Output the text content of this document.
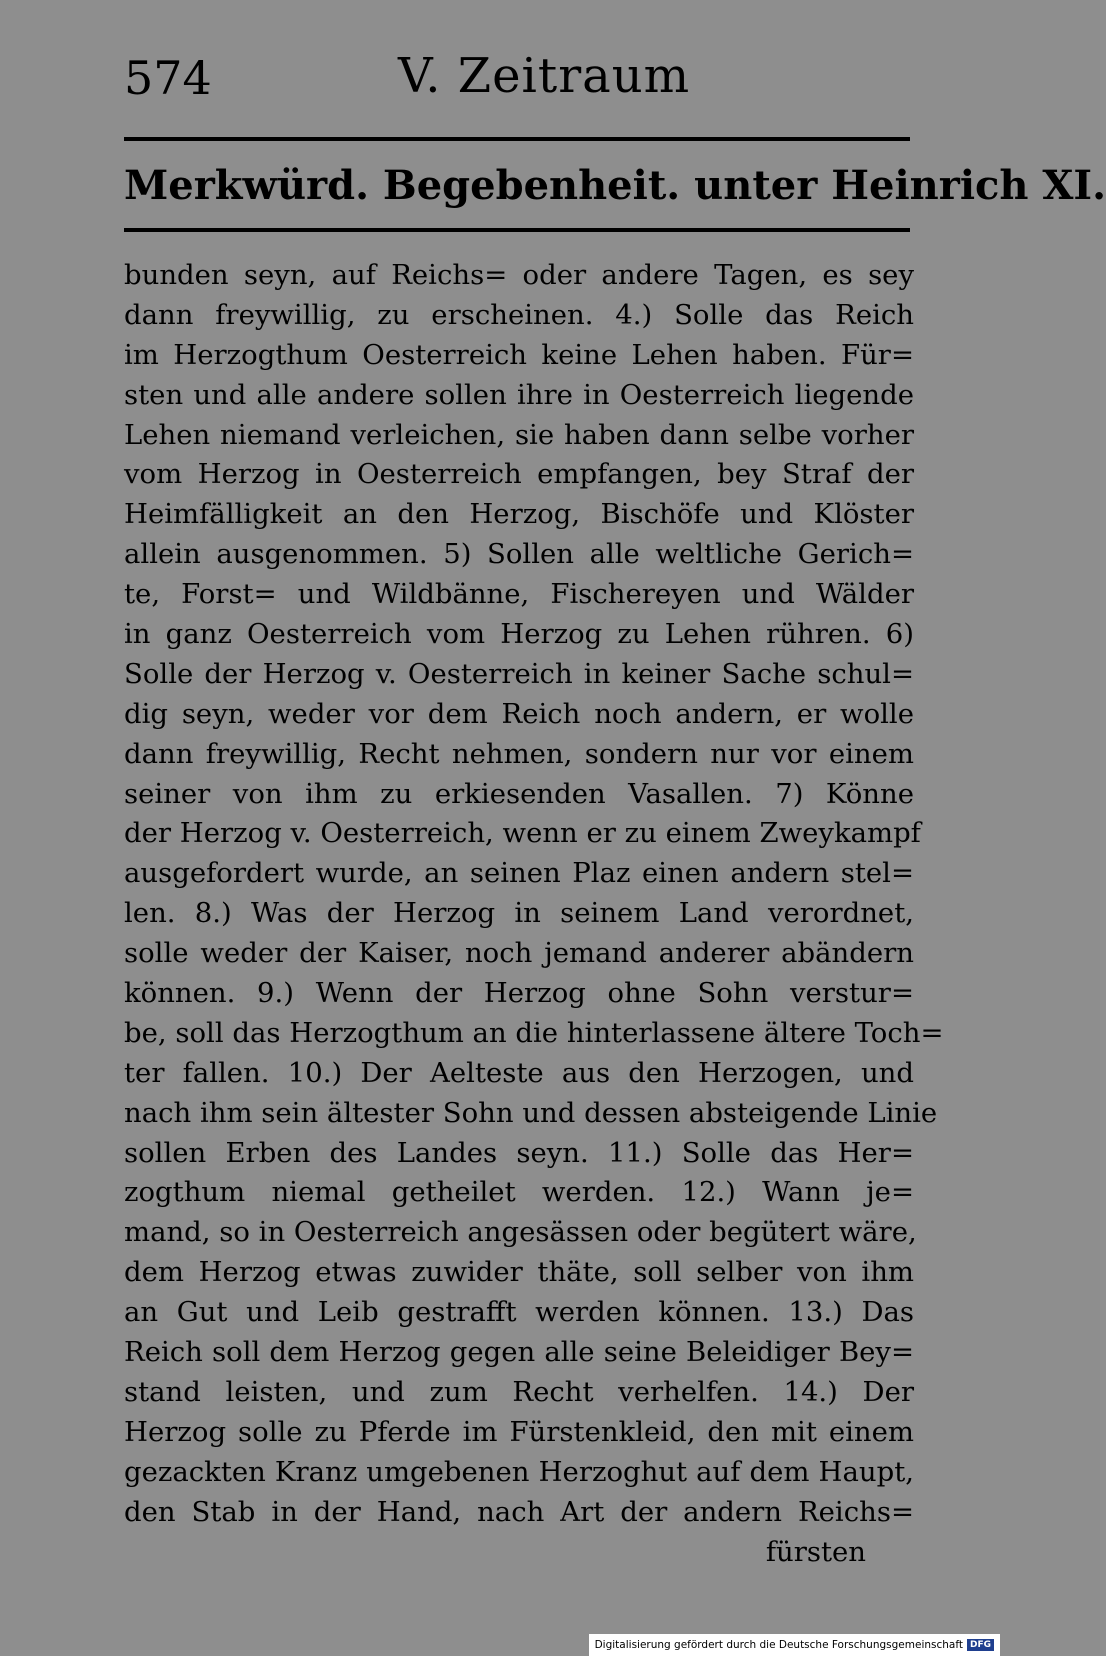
574	V. Zeitraum
Merkwürd. Begebenheit. unter Heinrich XI.
bunden seyn, auf Reichs= oder andere Tagen, es sey
dann freywillig, zu erscheinen. 4.) Solle das Reich
im Herzogthum Oesterreich keine Lehen haben. Für=
sten und alle andere sollen ihre in Oesterreich liegende
Lehen niemand verleichen, sie haben dann selbe vorher
vom Herzog in Oesterreich empfangen, bey Straf der
Heimfälligkeit an den Herzog, Bischöfe und Klöster
allein ausgenommen. 5) Sollen alle weltliche Gerich=
te, Forst= und Wildbänne, Fischereyen und Wälder
in ganz Oesterreich vom Herzog zu Lehen rühren. 6)
Solle der Herzog v. Oesterreich in keiner Sache schul=
dig seyn, weder vor dem Reich noch andern, er wolle
dann freywillig, Recht nehmen, sondern nur vor einem
seiner von ihm zu erkiesenden Vasallen. 7) Könne
der Herzog v. Oesterreich, wenn er zu einem Zweykampf
ausgefordert wurde, an seinen Plaz einen andern stel=
len. 8.) Was der Herzog in seinem Land verordnet,
solle weder der Kaiser, noch jemand anderer abändern
können. 9.) Wenn der Herzog ohne Sohn verstur=
be, soll das Herzogthum an die hinterlassene ältere Toch=
ter fallen. 10.) Der Aelteste aus den Herzogen, und
nach ihm sein ältester Sohn und dessen absteigende Linie
sollen Erben des Landes seyn. 11.) Solle das Her=
zogthum niemal getheilet werden. 12.) Wann je=
mand, so in Oesterreich angesässen oder begütert wäre,
dem Herzog etwas zuwider thäte, soll selber von ihm
an Gut und Leib gestrafft werden können. 13.) Das
Reich soll dem Herzog gegen alle seine Beleidiger Bey=
stand leisten, und zum Recht verhelfen. 14.) Der
Herzog solle zu Pferde im Fürstenkleid, den mit einem
gezackten Kranz umgebenen Herzoghut auf dem Haupt,
den Stab in der Hand, nach Art der andern Reichs=
fürsten
Digitalisierung gefördert durch die Deutsche Forschungsgemeinschaft DFG
